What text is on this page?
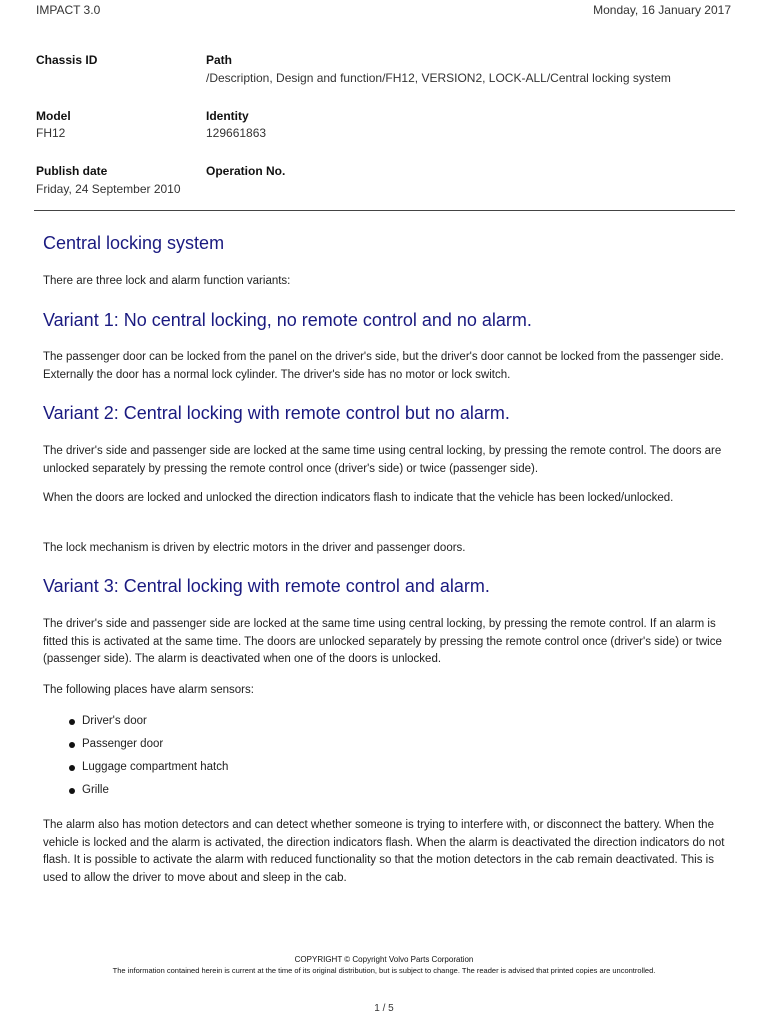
IMPACT 3.0	Monday, 16 January 2017
Chassis ID	Path
/Description, Design and function/FH12, VERSION2, LOCK-ALL/Central locking system
Model
FH12
Identity
129661863
Publish date
Friday, 24 September 2010
Operation No.
Central locking system

There are three lock and alarm function variants:

Variant 1: No central locking, no remote control and no alarm.

The passenger door can be locked from the panel on the driver's side, but the driver's door cannot be locked from the passenger side. Externally the door has a normal lock cylinder. The driver's side has no motor or lock switch.

Variant 2: Central locking with remote control but no alarm.

The driver's side and passenger side are locked at the same time using central locking, by pressing the remote control. The doors are unlocked separately by pressing the remote control once (driver's side) or twice (passenger side).

When the doors are locked and unlocked the direction indicators flash to indicate that the vehicle has been locked/unlocked.

The lock mechanism is driven by electric motors in the driver and passenger doors.

Variant 3: Central locking with remote control and alarm.

The driver's side and passenger side are locked at the same time using central locking, by pressing the remote control. If an alarm is fitted this is activated at the same time. The doors are unlocked separately by pressing the remote control once (driver's side) or twice (passenger side). The alarm is deactivated when one of the doors is unlocked.

The following places have alarm sensors:

Driver's door
Passenger door
Luggage compartment hatch
Grille

The alarm also has motion detectors and can detect whether someone is trying to interfere with, or disconnect the battery. When the vehicle is locked and the alarm is activated, the direction indicators flash. When the alarm is deactivated the direction indicators do not flash. It is possible to activate the alarm with reduced functionality so that the motion detectors in the cab remain deactivated. This is used to allow the driver to move about and sleep in the cab.

COPYRIGHT © Copyright Volvo Parts Corporation
The information contained herein is current at the time of its original distribution, but is subject to change. The reader is advised that printed copies are uncontrolled.
1 / 5
